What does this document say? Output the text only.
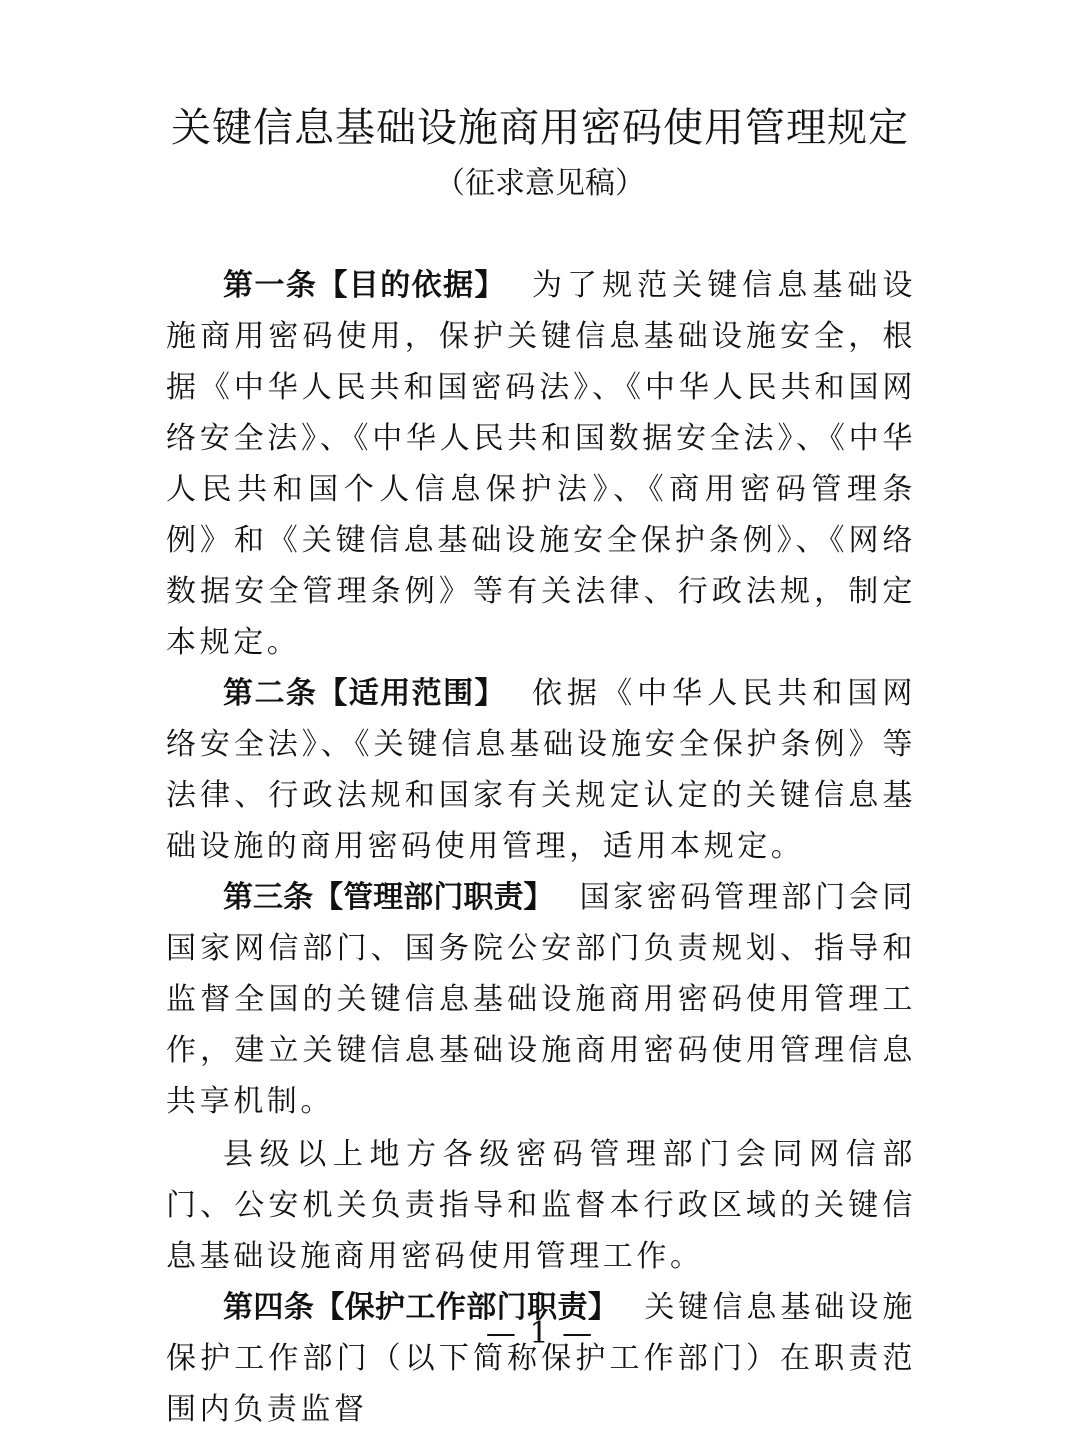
关键信息基础设施商用密码使用管理规定
（征求意见稿）

第一条【目的依据】 为了规范关键信息基础设施商用密码使用，保护关键信息基础设施安全，根据《中华人民共和国密码法》、《中华人民共和国网络安全法》、《中华人民共和国数据安全法》、《中华人民共和国个人信息保护法》、《商用密码管理条例》和《关键信息基础设施安全保护条例》、《网络数据安全管理条例》等有关法律、行政法规，制定本规定。

第二条【适用范围】 依据《中华人民共和国网络安全法》、《关键信息基础设施安全保护条例》等法律、行政法规和国家有关规定认定的关键信息基础设施的商用密码使用管理，适用本规定。

第三条【管理部门职责】 国家密码管理部门会同国家网信部门、国务院公安部门负责规划、指导和监督全国的关键信息基础设施商用密码使用管理工作，建立关键信息基础设施商用密码使用管理信息共享机制。

县级以上地方各级密码管理部门会同网信部门、公安机关负责指导和监督本行政区域的关键信息基础设施商用密码使用管理工作。

第四条【保护工作部门职责】 关键信息基础设施保护工作部门（以下简称保护工作部门）在职责范围内负责监督

— 1 —
